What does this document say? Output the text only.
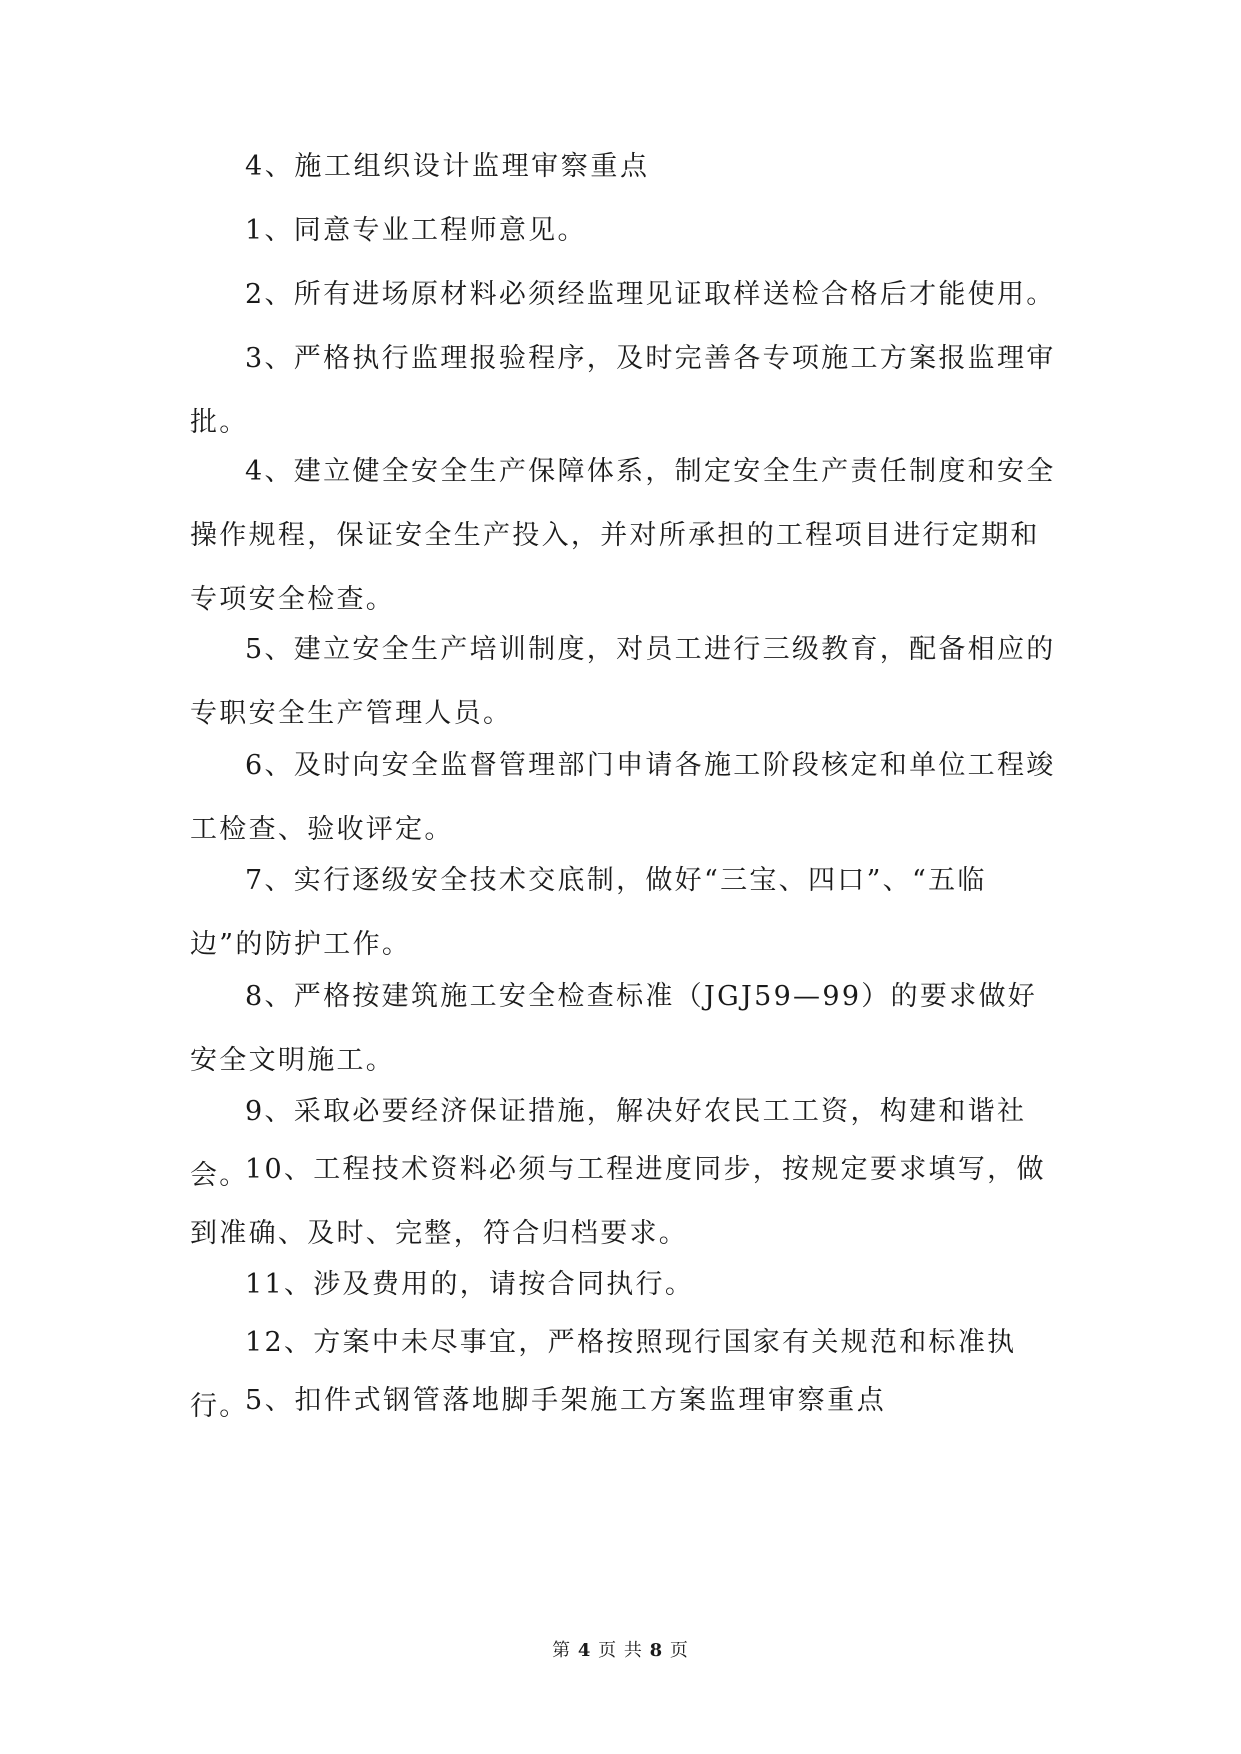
4、施工组织设计监理审察重点

1、同意专业工程师意见。

2、所有进场原材料必须经监理见证取样送检合格后才能使用。

3、严格执行监理报验程序，及时完善各专项施工方案报监理审批。

4、建立健全安全生产保障体系，制定安全生产责任制度和安全操作规程，保证安全生产投入，并对所承担的工程项目进行定期和专项安全检查。

5、建立安全生产培训制度，对员工进行三级教育，配备相应的专职安全生产管理人员。

6、及时向安全监督管理部门申请各施工阶段核定和单位工程竣工检查、验收评定。

7、实行逐级安全技术交底制，做好“三宝、四口”、“五临边”的防护工作。

8、严格按建筑施工安全检查标准（JGJ59—99）的要求做好安全文明施工。

9、采取必要经济保证措施，解决好农民工工资，构建和谐社会。

10、工程技术资料必须与工程进度同步，按规定要求填写，做到准确、及时、完整，符合归档要求。

11、涉及费用的，请按合同执行。

12、方案中未尽事宜，严格按照现行国家有关规范和标准执行。

5、扣件式钢管落地脚手架施工方案监理审察重点

第 4 页 共 8 页
